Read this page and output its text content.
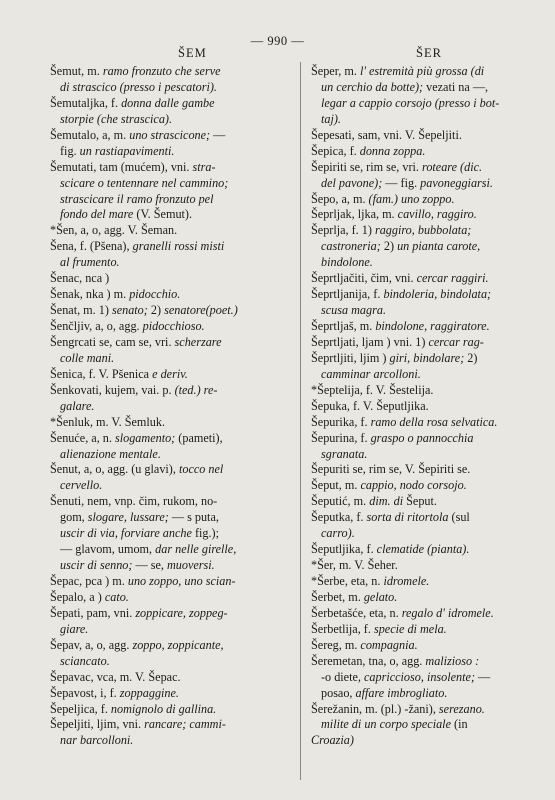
— 990 —
ŠEM	ŠER
Šemut, m. ramo fronzuto che serve
di strascico (presso i pescatori).
Šemutaljka, f. donna dalle gambe
storpie (che strascica).
Šemutalo, a, m. uno strascicone; —
fig. un rastiapavimenti.
Šemutati, tam (mućem), vni. stra-
scicare o tentennare nel cammino;
strascicare il ramo fronzuto pel
fondo del mare (V. Šemut).
*Šen, a, o, agg. V. Šeman.
Šena, f. (Pšena), granelli rossi misti
al frumento.
Šenac, nca )
Šenak, nka ) m. pidocchio.
Šenat, m. 1) senato; 2) senatore(poet.)
Šenčljiv, a, o, agg. pidocchioso.
Šengrcati se, cam se, vri. scherzare
colle mani.
Šenica, f. V. Pšenica e deriv.
Šenkovati, kujem, vai. p. (ted.) re-
galare.
*Šenluk, m. V. Šemluk.
Šenuće, a, n. slogamento; (pameti),
alienazione mentale.
Šenut, a, o, agg. (u glavi), tocco nel
cervello.
Šenuti, nem, vnp. čim, rukom, no-
gom, slogare, lussare; — s puta,
uscir di via, forviare anche fig.);
— glavom, umom, dar nelle girelle,
uscir di senno; — se, muoversi.
Šepac, pca ) m. uno zoppo, uno scian-
Šepalo, a ) cato.
Šepati, pam, vni. zoppicare, zoppeg-
giare.
Šepav, a, o, agg. zoppo, zoppicante,
sciancato.
Šepavac, vca, m. V. Šepac.
Šepavost, i, f. zoppaggine.
Šepeljica, f. nomignolo di gallina.
Šepeljiti, ljim, vni. rancare; cammi-
nar barcolloni.
Šeper, m. l' estremità più grossa (di
un cerchio da botte); vezati na —,
legar a cappio corsojo (presso i bot-
taj).
Šepesati, sam, vni. V. Šepeljiti.
Šepica, f. donna zoppa.
Šepiriti se, rim se, vri. roteare (dic.
del pavone); — fig. pavoneggiarsi.
Šepo, a, m. (fam.) uno zoppo.
Šeprljak, ljka, m. cavillo, raggiro.
Šeprlja, f. 1) raggiro, bubbolata;
castroneria; 2) un pianta carote,
bindolone.
Šeprtljačiti, čim, vni. cercar raggiri.
Šeprtljanija, f. bindoleria, bindolata;
scusa magra.
Šeprtljaš, m. bindolone, raggiratore.
Šeprtljati, ljam ) vni. 1) cercar rag-
Šeprtljiti, ljim ) giri, bindolare; 2)
camminar arcolloni.
*Šeptelija, f. V. Šestelija.
Šepuka, f. V. Šeputljika.
Šepurika, f. ramo della rosa selvatica.
Šepurina, f. graspo o pannocchia
sgranata.
Šepuriti se, rim se, V. Šepiriti se.
Šeput, m. cappio, nodo corsojo.
Šeputić, m. dim. di Šeput.
Šeputka, f. sorta di ritortola (sul
carro).
Šeputljika, f. clematide (pianta).
*Šer, m. V. Šeher.
*Šerbe, eta, n. idromele.
Šerbet, m. gelato.
Šerbetašće, eta, n. regalo d' idromele.
Šerbetlija, f. specie di mela.
Šereg, m. compagnia.
Šeremetan, tna, o, agg. malizioso :
-o diete, capriccioso, insolente; —
posao, affare imbrogliato.
Šerežanin, m. (pl.) -žani), serezano.
milite di un corpo speciale (in
Croazia)
